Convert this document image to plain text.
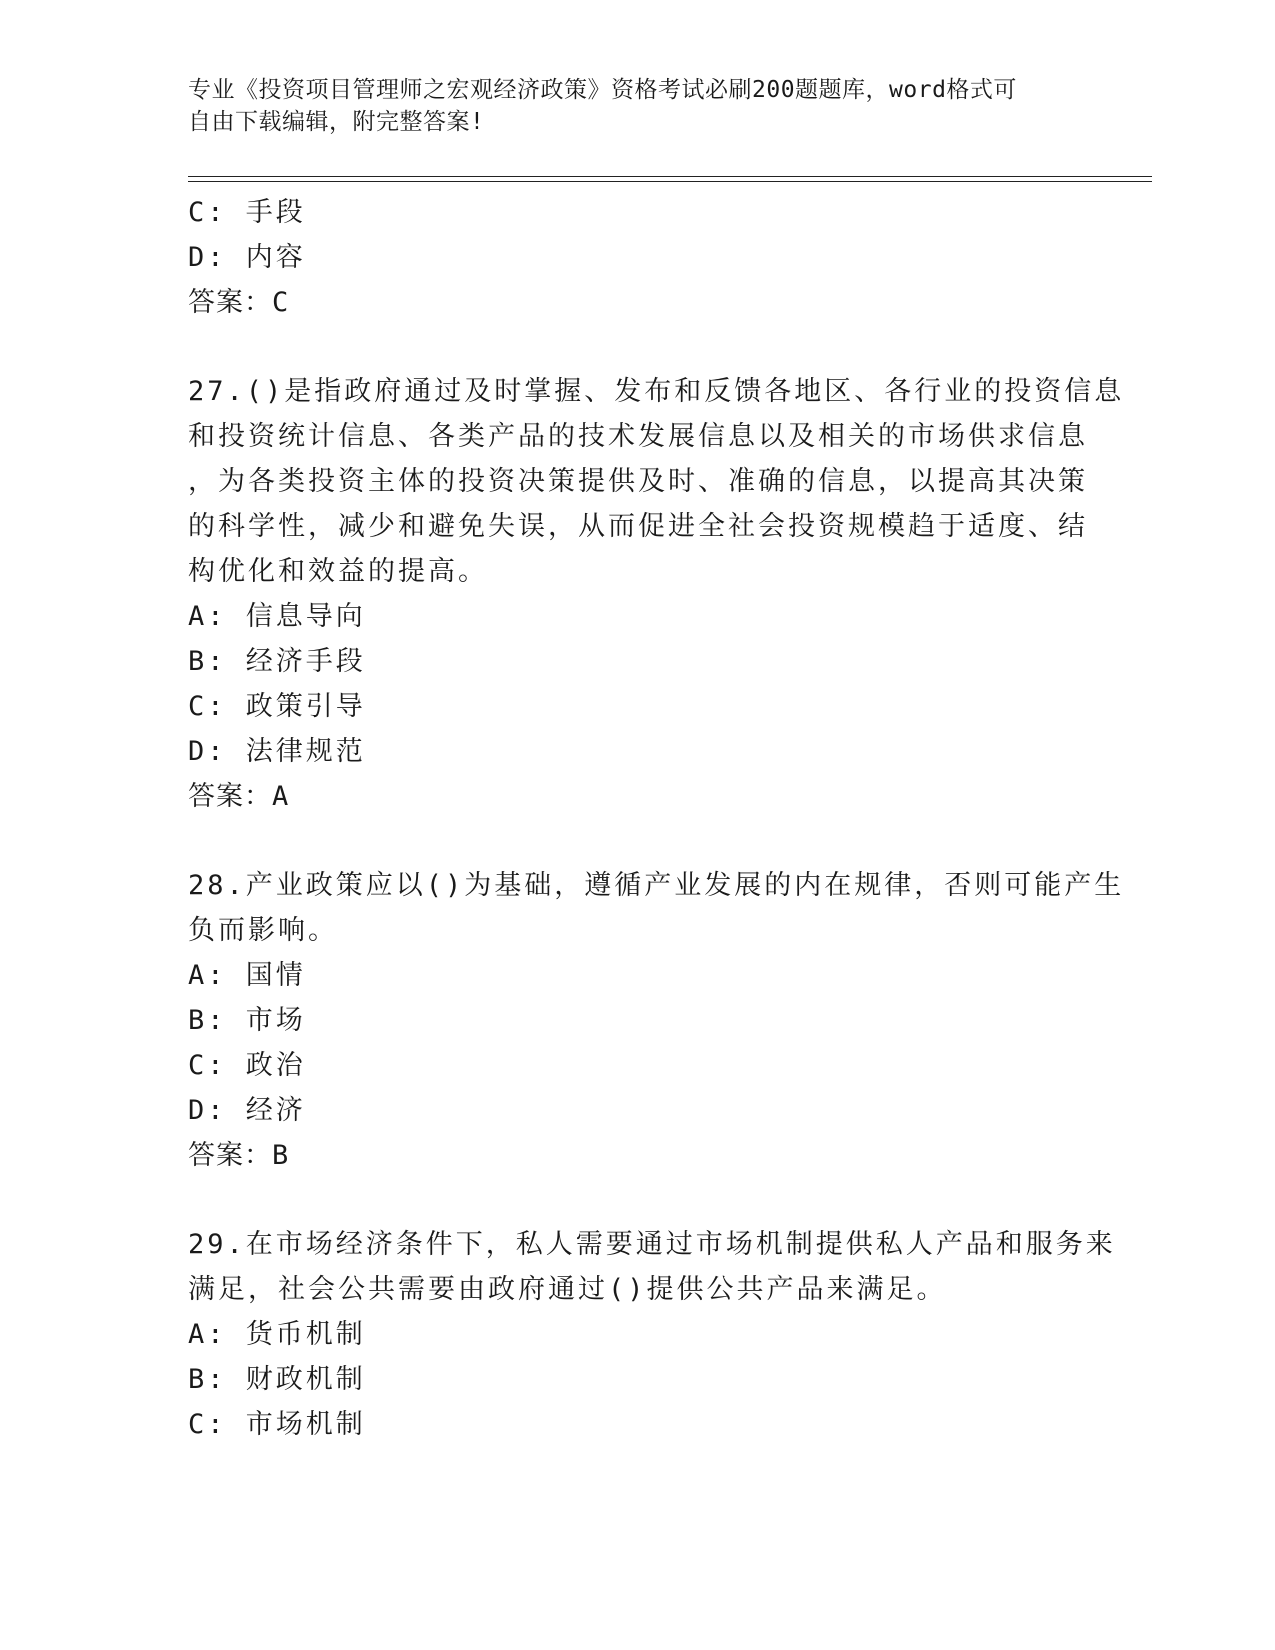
专业《投资项目管理师之宏观经济政策》资格考试必刷200题题库，word格式可
自由下载编辑，附完整答案!
C: 手段
D: 内容
答案：C
27.()是指政府通过及时掌握、发布和反馈各地区、各行业的投资信息
和投资统计信息、各类产品的技术发展信息以及相关的市场供求信息
，为各类投资主体的投资决策提供及时、准确的信息，以提高其决策
的科学性，减少和避免失误，从而促进全社会投资规模趋于适度、结
构优化和效益的提高。
A: 信息导向
B: 经济手段
C: 政策引导
D: 法律规范
答案：A
28.产业政策应以()为基础，遵循产业发展的内在规律，否则可能产生
负而影响。
A: 国情
B: 市场
C: 政治
D: 经济
答案：B
29.在市场经济条件下，私人需要通过市场机制提供私人产品和服务来
满足，社会公共需要由政府通过()提供公共产品来满足。
A: 货币机制
B: 财政机制
C: 市场机制
